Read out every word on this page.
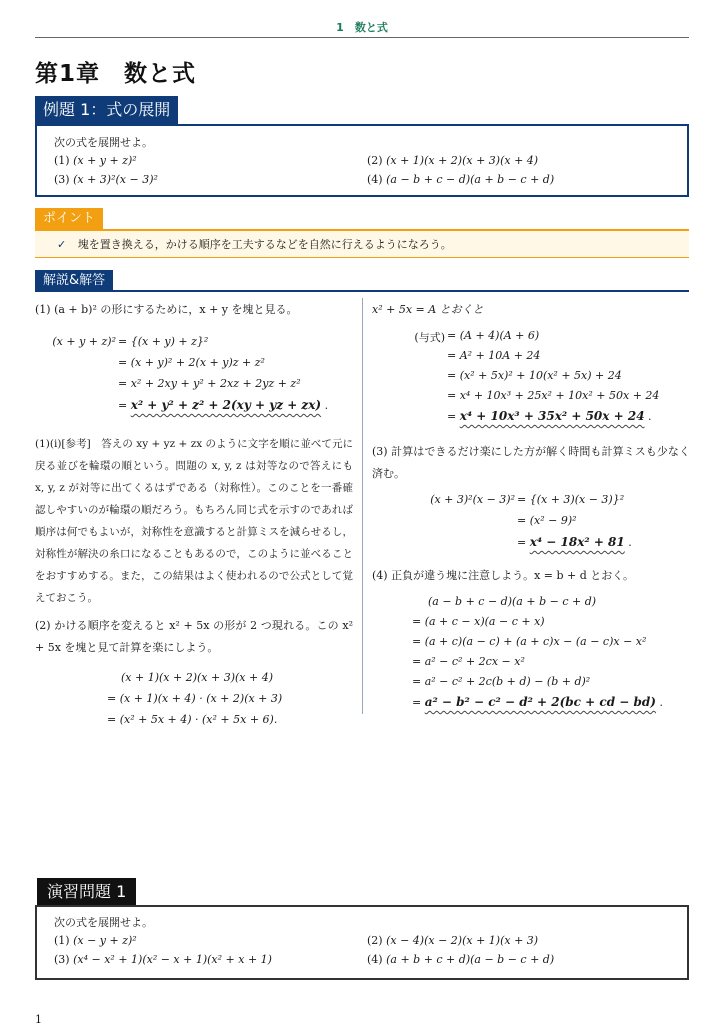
1　数と式
第1章　数と式
例題 1：式の展開
次の式を展開せよ。
(1) (x + y + z)²	(2) (x + 1)(x + 2)(x + 3)(x + 4)
(3) (x + 3)²(x − 3)²	(4) (a − b + c − d)(a + b − c + d)
ポイント
✓ 塊を置き換える，かける順序を工夫するなどを自然に行えるようになろう。
解説&解答
(1) (a + b)² の形にするために，x + y を塊と見る。
(x + y + z)² = {(x + y) + z}²
= (x + y)² + 2(x + y)z + z²
= x² + 2xy + y² + 2xz + 2yz + z²
= x² + y² + z² + 2(xy + yz + zx) .
(1)(i)[参考]　答えの xy + yz + zx のように文字を順に並べて元に戻る並びを輪環の順という。問題の x, y, z は対等なので答えにも x, y, z が対等に出てくるはずである（対称性）。このことを一番確認しやすいのが輪環の順だろう。もちろん同じ式を示すのであれば順序は何でもよいが，対称性を意識すると計算ミスを減らせるし，対称性が解決の糸口になることもあるので，このように並べることをおすすめする。また，この結果はよく使われるので公式として覚えておこう。
(2) かける順序を変えると x² + 5x の形が 2 つ現れる。この x² + 5x を塊と見て計算を楽にしよう。
(x + 1)(x + 2)(x + 3)(x + 4)
= (x + 1)(x + 4) · (x + 2)(x + 3)
= (x² + 5x + 4) · (x² + 5x + 6).
x² + 5x = A とおくと
(与式) = (A + 4)(A + 6)
= A² + 10A + 24
= (x² + 5x)² + 10(x² + 5x) + 24
= x⁴ + 10x³ + 25x² + 10x² + 50x + 24
= x⁴ + 10x³ + 35x² + 50x + 24 .
(3) 計算はできるだけ楽にした方が解く時間も計算ミスも少なく済む。
(x + 3)²(x − 3)² = {(x + 3)(x − 3)}²
= (x² − 9)²
= x⁴ − 18x² + 81 .
(4) 正負が違う塊に注意しよう。x = b + d とおく。
(a − b + c − d)(a + b − c + d)
= (a + c − x)(a − c + x)
= (a + c)(a − c) + (a + c)x − (a − c)x − x²
= a² − c² + 2cx − x²
= a² − c² + 2c(b + d) − (b + d)²
= a² − b² − c² − d² + 2(bc + cd − bd) .
演習問題 1
次の式を展開せよ。
(1) (x − y + z)²	(2) (x − 4)(x − 2)(x + 1)(x + 3)
(3) (x⁴ − x² + 1)(x² − x + 1)(x² + x + 1)	(4) (a + b + c + d)(a − b − c + d)
1
